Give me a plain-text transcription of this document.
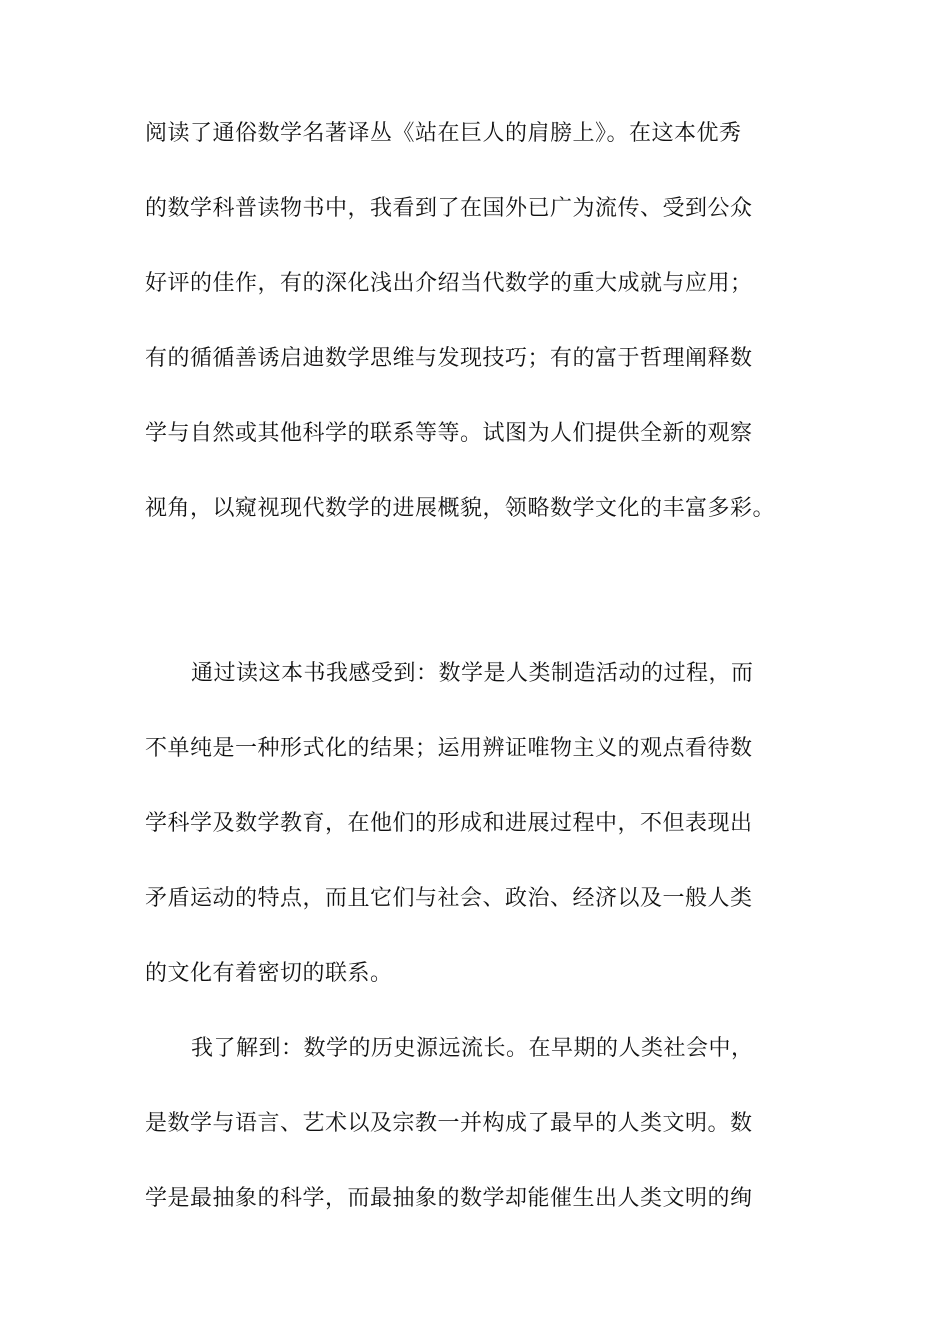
阅读了通俗数学名著译丛《站在巨人的肩膀上》。在这本优秀
的数学科普读物书中，我看到了在国外已广为流传、受到公众
好评的佳作，有的深化浅出介绍当代数学的重大成就与应用；
有的循循善诱启迪数学思维与发现技巧；有的富于哲理阐释数
学与自然或其他科学的联系等等。试图为人们提供全新的观察
视角，以窥视现代数学的进展概貌，领略数学文化的丰富多彩。
通过读这本书我感受到：数学是人类制造活动的过程，而
不单纯是一种形式化的结果；运用辨证唯物主义的观点看待数
学科学及数学教育，在他们的形成和进展过程中，不但表现出
矛盾运动的特点，而且它们与社会、政治、经济以及一般人类
的文化有着密切的联系。
我了解到：数学的历史源远流长。在早期的人类社会中，
是数学与语言、艺术以及宗教一并构成了最早的人类文明。数
学是最抽象的科学，而最抽象的数学却能催生出人类文明的绚
